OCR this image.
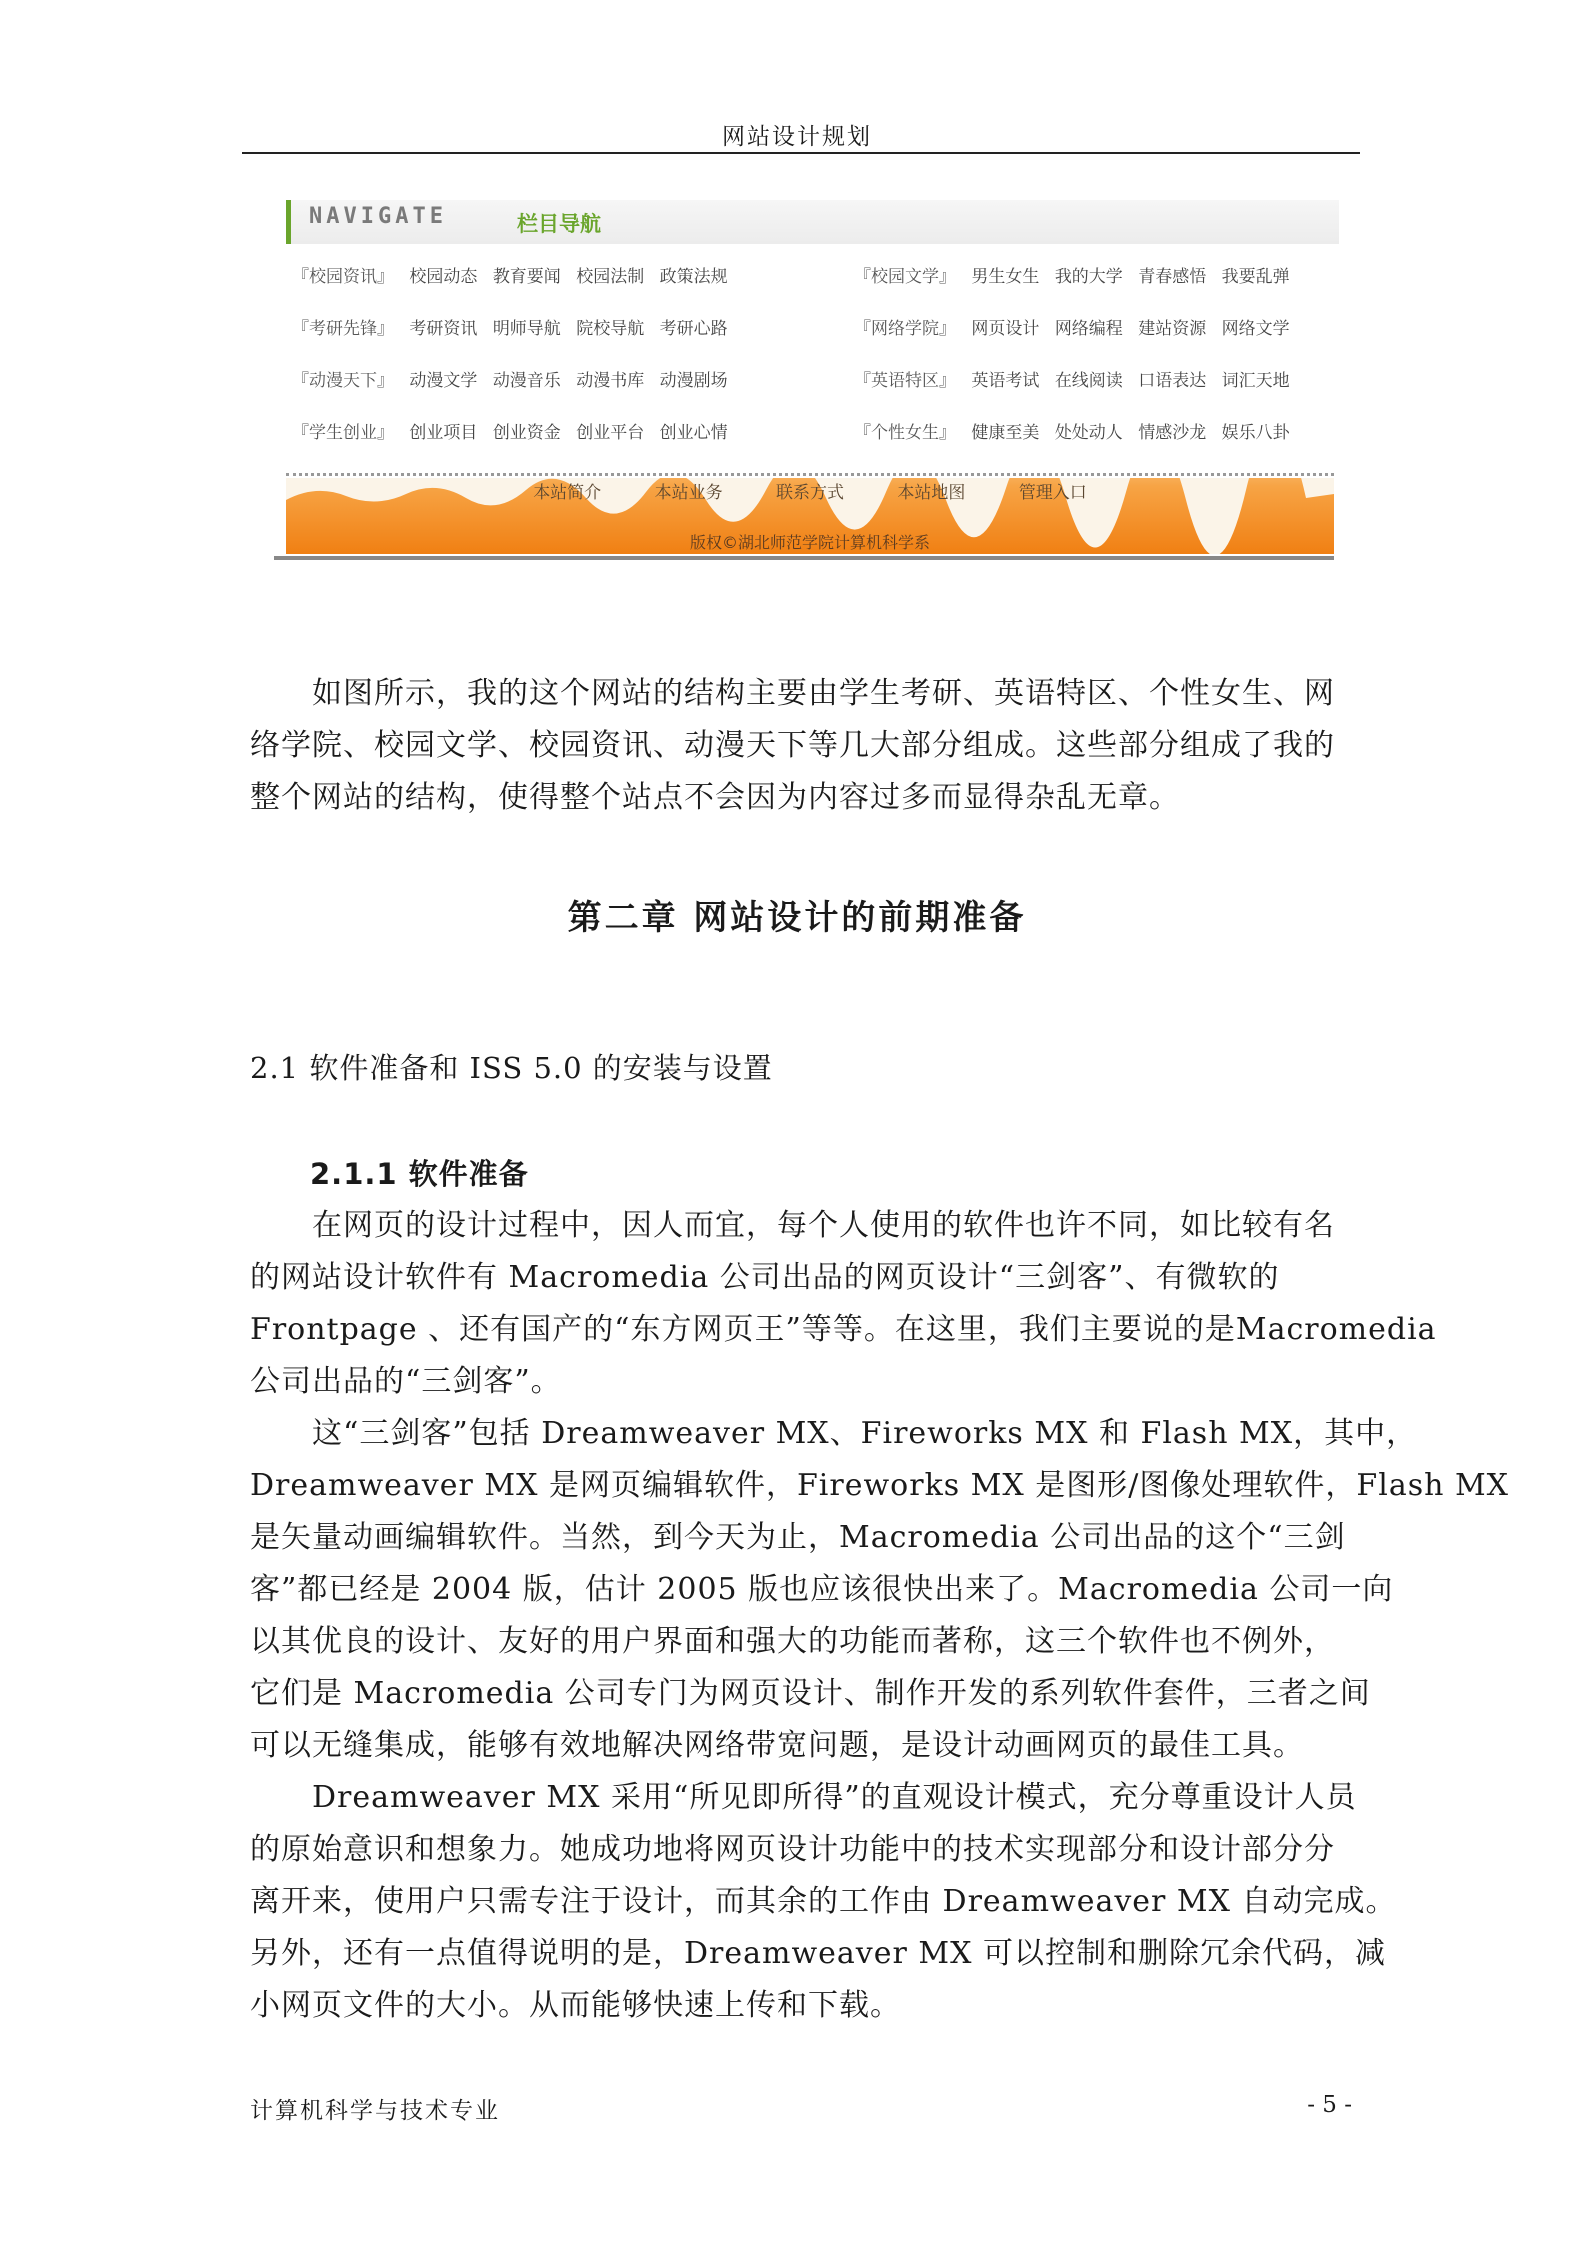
网站设计规划
NAVIGATE	栏目导航
『校园资讯』 校园动态 教育要闻 校园法制 政策法规
『考研先锋』 考研资讯 明师导航 院校导航 考研心路
『动漫天下』 动漫文学 动漫音乐 动漫书库 动漫剧场
『学生创业』 创业项目 创业资金 创业平台 创业心情
『校园文学』 男生女生 我的大学 青春感悟 我要乱弹
『网络学院』 网页设计 网络编程 建站资源 网络文学
『英语特区』 英语考试 在线阅读 口语表达 词汇天地
『个性女生』 健康至美 处处动人 情感沙龙 娱乐八卦
本站简介	本站业务	联系方式	本站地图	管理入口
版权©湖北师范学院计算机科学系

　　如图所示，我的这个网站的结构主要由学生考研、英语特区、个性女生、网

络学院、校园文学、校园资讯、动漫天下等几大部分组成。这些部分组成了我的

整个网站的结构，使得整个站点不会因为内容过多而显得杂乱无章。

第二章 网站设计的前期准备
2.1 软件准备和 ISS 5.0 的安装与设置
2.1.1 软件准备

　　在网页的设计过程中，因人而宜，每个人使用的软件也许不同，如比较有名

的网站设计软件有 Macromedia 公司出品的网页设计“三剑客”、有微软的

Frontpage 、还有国产的“东方网页王”等等。在这里，我们主要说的是Macromedia

公司出品的“三剑客”。

　　这“三剑客”包括 Dreamweaver MX、Fireworks MX 和 Flash MX，其中，

Dreamweaver MX 是网页编辑软件，Fireworks MX 是图形/图像处理软件，Flash MX

是矢量动画编辑软件。当然，到今天为止，Macromedia 公司出品的这个“三剑

客”都已经是 2004 版，估计 2005 版也应该很快出来了。Macromedia 公司一向

以其优良的设计、友好的用户界面和强大的功能而著称，这三个软件也不例外，

它们是 Macromedia 公司专门为网页设计、制作开发的系列软件套件，三者之间

可以无缝集成，能够有效地解决网络带宽问题，是设计动画网页的最佳工具。

　　Dreamweaver MX 采用“所见即所得”的直观设计模式，充分尊重设计人员

的原始意识和想象力。她成功地将网页设计功能中的技术实现部分和设计部分分

离开来，使用户只需专注于设计，而其余的工作由 Dreamweaver MX 自动完成。

另外，还有一点值得说明的是，Dreamweaver MX 可以控制和删除冗余代码，减

小网页文件的大小。从而能够快速上传和下载。

计算机科学与技术专业	- 5 -
